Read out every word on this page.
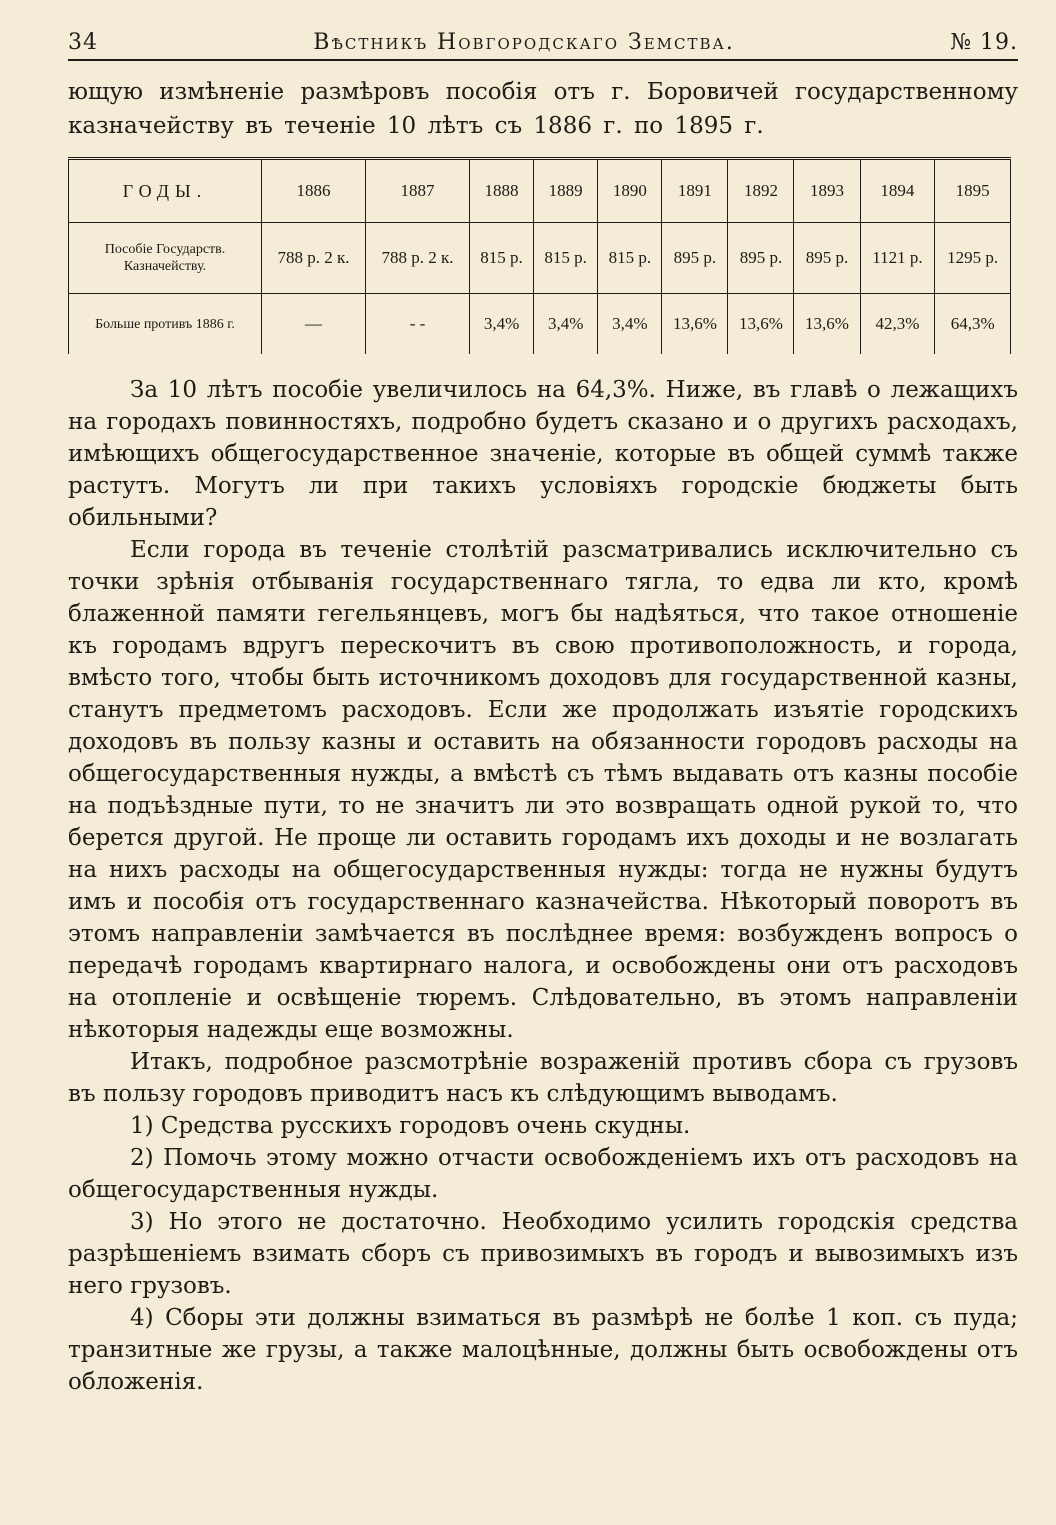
34	Вѣстникъ Новгородскаго Земства.	№ 19.
ющую измѣненіе размѣровъ пособія отъ г. Боровичей государственному казначейству въ теченіе 10 лѣтъ съ 1886 г. по 1895 г.
ГОДЫ.	1886	1887	1888	1889	1890	1891	1892	1893	1894	1895
Пособіе Государств. Казначейству.	788 р. 2 к.	788 р. 2 к.	815 р.	815 р.	815 р.	895 р.	895 р.	895 р.	1121 р.	1295 р.
Больше противъ 1886 г.	—	- -	3,4%	3,4%	3,4%	13,6%	13,6%	13,6%	42,3%	64,3%

За 10 лѣтъ пособіе увеличилось на 64,3%. Ниже, въ главѣ о лежащихъ на городахъ повинностяхъ, подробно будетъ сказано и о другихъ расходахъ, имѣющихъ общегосударственное значеніе, которые въ общей суммѣ также растутъ. Могутъ ли при такихъ условіяхъ городскіе бюджеты быть обильными?

Если города въ теченіе столѣтій разсматривались исключительно съ точки зрѣнія отбыванія государственнаго тягла, то едва ли кто, кромѣ блаженной памяти гегельянцевъ, могъ бы надѣяться, что такое отношеніе къ городамъ вдругъ перескочитъ въ свою противоположность, и города, вмѣсто того, чтобы быть источникомъ доходовъ для государственной казны, станутъ предметомъ расходовъ. Если же продолжать изъятіе городскихъ доходовъ въ пользу казны и оставить на обязанности городовъ расходы на общегосударственныя нужды, а вмѣстѣ съ тѣмъ выдавать отъ казны пособіе на подъѣздные пути, то не значитъ ли это возвращать одной рукой то, что берется другой. Не проще ли оставить городамъ ихъ доходы и не возлагать на нихъ расходы на общегосударственныя нужды: тогда не нужны будутъ имъ и пособія отъ государственнаго казначейства. Нѣкоторый поворотъ въ этомъ направленіи замѣчается въ послѣднее время: возбужденъ вопросъ о передачѣ городамъ квартирнаго налога, и освобождены они отъ расходовъ на отопленіе и освѣщеніе тюремъ. Слѣдовательно, въ этомъ направленіи нѣкоторыя надежды еще возможны.

Итакъ, подробное разсмотрѣніе возраженій противъ сбора съ грузовъ въ пользу городовъ приводитъ насъ къ слѣдующимъ выводамъ.

1) Средства русскихъ городовъ очень скудны.

2) Помочь этому можно отчасти освобожденіемъ ихъ отъ расходовъ на общегосударственныя нужды.

3) Но этого не достаточно. Необходимо усилить городскія средства разрѣшеніемъ взимать сборъ съ привозимыхъ въ городъ и вывозимыхъ изъ него грузовъ.

4) Сборы эти должны взиматься въ размѣрѣ не болѣе 1 коп. съ пуда; транзитные же грузы, а также малоцѣнные, должны быть освобождены отъ обложенія.
